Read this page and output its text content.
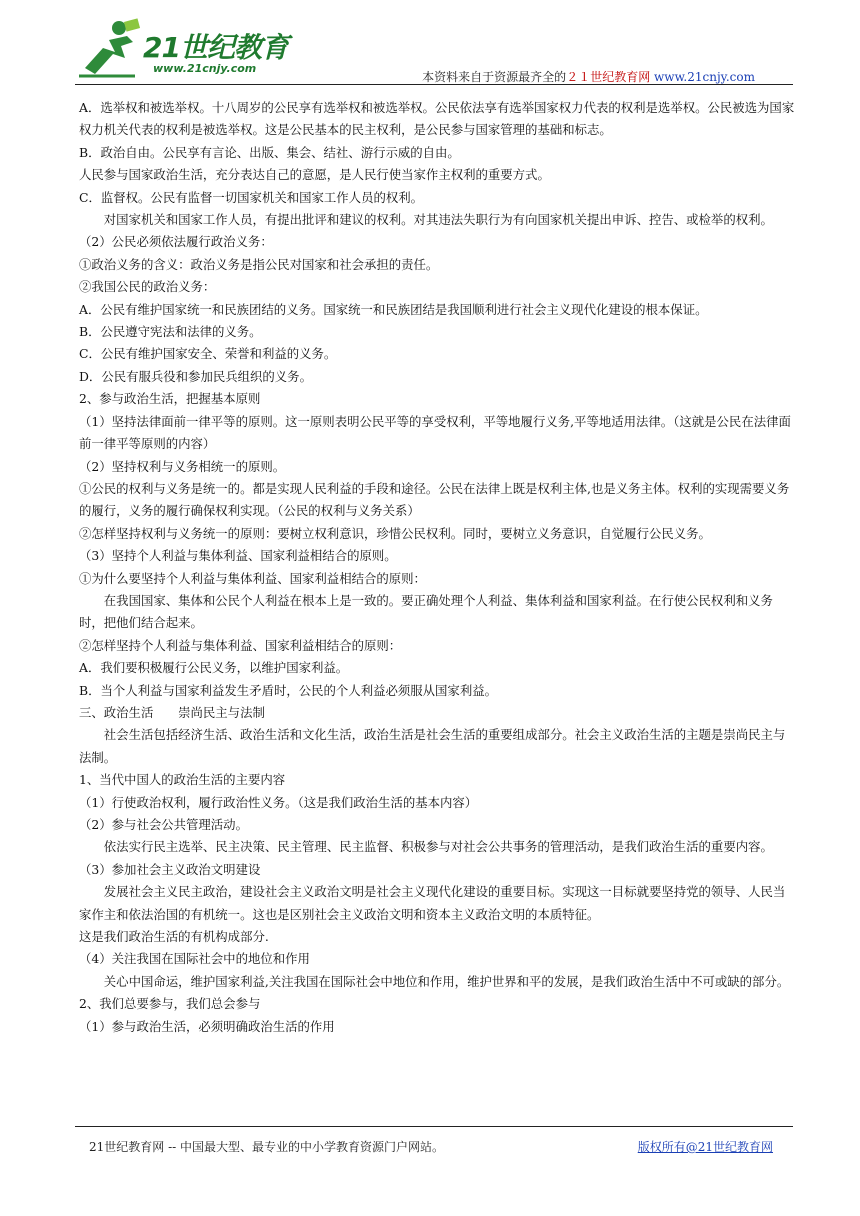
21世纪教育
www.21cnjy.com
本资料来自于资源最齐全的２１世纪教育网 www.21cnjy.com

A．选举权和被选举权。十八周岁的公民享有选举权和被选举权。公民依法享有选举国家权力代表的权利是选举权。公民被选为国家权力机关代表的权利是被选举权。这是公民基本的民主权利，是公民参与国家管理的基础和标志。

B．政治自由。公民享有言论、出版、集会、结社、游行示威的自由。

人民参与国家政治生活，充分表达自己的意愿，是人民行使当家作主权利的重要方式。

C．监督权。公民有监督一切国家机关和国家工作人员的权利。

对国家机关和国家工作人员，有提出批评和建议的权利。对其违法失职行为有向国家机关提出申诉、控告、或检举的权利。

（2）公民必须依法履行政治义务：

①政治义务的含义：政治义务是指公民对国家和社会承担的责任。

②我国公民的政治义务：

A．公民有维护国家统一和民族团结的义务。国家统一和民族团结是我国顺利进行社会主义现代化建设的根本保证。

B．公民遵守宪法和法律的义务。

C．公民有维护国家安全、荣誉和利益的义务。

D．公民有服兵役和参加民兵组织的义务。

2、参与政治生活，把握基本原则

（1）坚持法律面前一律平等的原则。这一原则表明公民平等的享受权利，平等地履行义务,平等地适用法律。（这就是公民在法律面前一律平等原则的内容）

（2）坚持权利与义务相统一的原则。

①公民的权利与义务是统一的。都是实现人民利益的手段和途径。公民在法律上既是权利主体,也是义务主体。权利的实现需要义务的履行，义务的履行确保权利实现。（公民的权利与义务关系）

②怎样坚持权利与义务统一的原则：要树立权利意识，珍惜公民权利。同时，要树立义务意识，自觉履行公民义务。

（3）坚持个人利益与集体利益、国家利益相结合的原则。

①为什么要坚持个人利益与集体利益、国家利益相结合的原则：

在我国国家、集体和公民个人利益在根本上是一致的。要正确处理个人利益、集体利益和国家利益。在行使公民权利和义务时，把他们结合起来。

②怎样坚持个人利益与集体利益、国家利益相结合的原则：

A．我们要积极履行公民义务，以维护国家利益。

B．当个人利益与国家利益发生矛盾时，公民的个人利益必须服从国家利益。

三、政治生活　　崇尚民主与法制

社会生活包括经济生活、政治生活和文化生活，政治生活是社会生活的重要组成部分。社会主义政治生活的主题是崇尚民主与法制。

1、当代中国人的政治生活的主要内容

（1）行使政治权利，履行政治性义务。（这是我们政治生活的基本内容）

（2）参与社会公共管理活动。

依法实行民主选举、民主决策、民主管理、民主监督、积极参与对社会公共事务的管理活动，是我们政治生活的重要内容。

（3）参加社会主义政治文明建设

发展社会主义民主政治，建设社会主义政治文明是社会主义现代化建设的重要目标。实现这一目标就要坚持党的领导、人民当家作主和依法治国的有机统一。这也是区别社会主义政治文明和资本主义政治文明的本质特征。

这是我们政治生活的有机构成部分.

（4）关注我国在国际社会中的地位和作用

关心中国命运，维护国家利益,关注我国在国际社会中地位和作用，维护世界和平的发展，是我们政治生活中不可或缺的部分。

2、我们总要参与，我们总会参与

（1）参与政治生活，必须明确政治生活的作用

21世纪教育网 -- 中国最大型、最专业的中小学教育资源门户网站。	版权所有@21世纪教育网
